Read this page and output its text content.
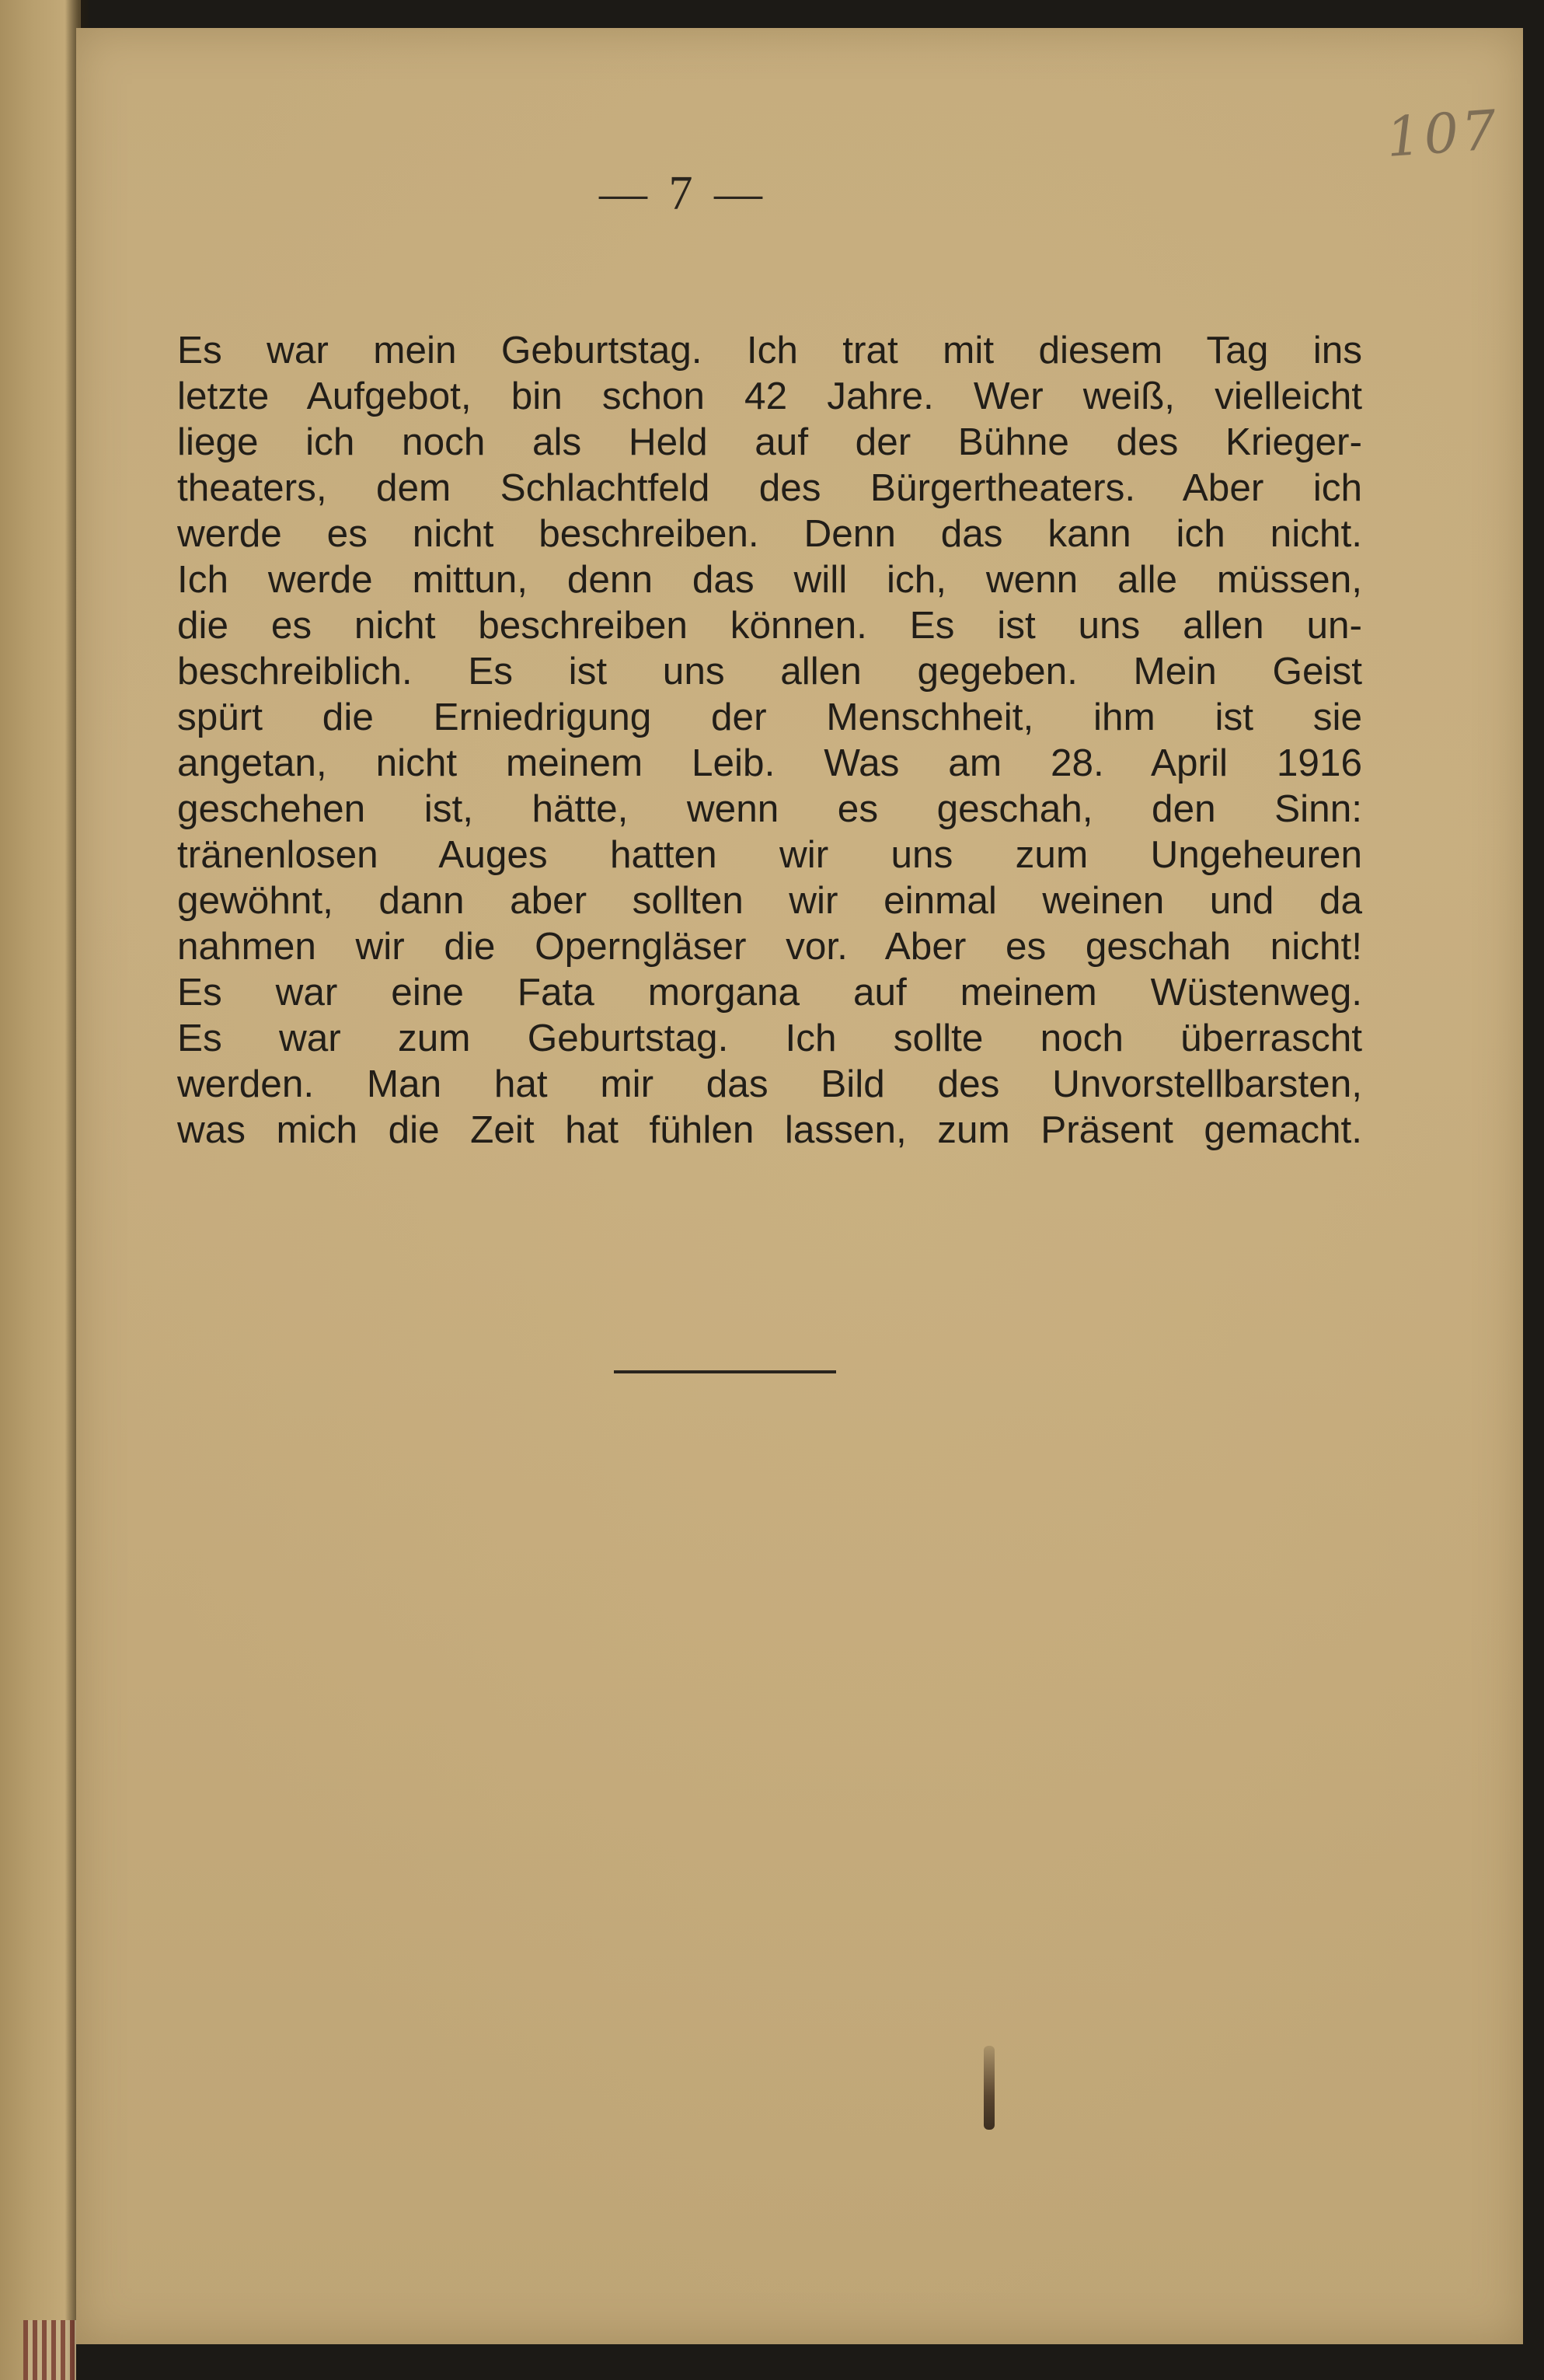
107
— 7 —
Es war mein Geburtstag. Ich trat mit diesem Tag ins
letzte Aufgebot, bin schon 42 Jahre. Wer weiß, vielleicht
liege ich noch als Held auf der Bühne des Krieger-
theaters, dem Schlachtfeld des Bürgertheaters. Aber ich
werde es nicht beschreiben. Denn das kann ich nicht.
Ich werde mittun, denn das will ich, wenn alle müssen,
die es nicht beschreiben können. Es ist uns allen un-
beschreiblich. Es ist uns allen gegeben. Mein Geist
spürt die Erniedrigung der Menschheit, ihm ist sie
angetan, nicht meinem Leib. Was am 28. April 1916
geschehen ist, hätte, wenn es geschah, den Sinn:
tränenlosen Auges hatten wir uns zum Ungeheuren
gewöhnt, dann aber sollten wir einmal weinen und da
nahmen wir die Operngläser vor. Aber es geschah nicht!
Es war eine Fata morgana auf meinem Wüstenweg.
Es war zum Geburtstag. Ich sollte noch überrascht
werden. Man hat mir das Bild des Unvorstellbarsten,
was mich die Zeit hat fühlen lassen, zum Präsent gemacht.
